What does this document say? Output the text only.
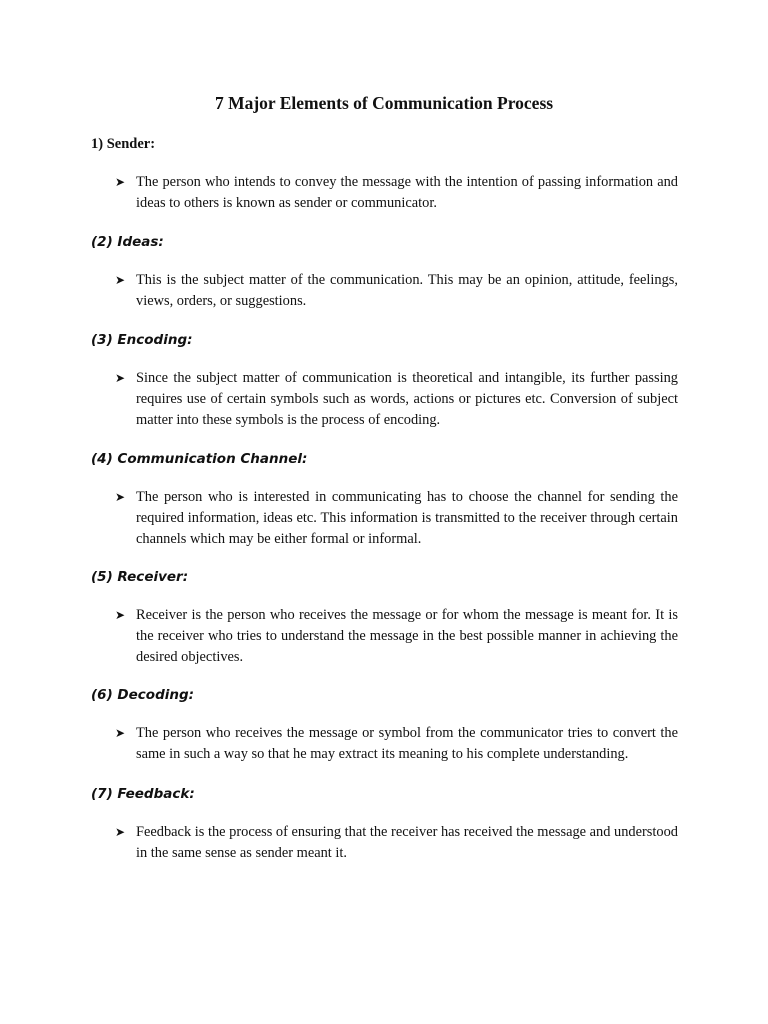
7 Major Elements of Communication Process
1) Sender:
➤ The person who intends to convey the message with the intention of passing information and ideas to others is known as sender or communicator.

(2) Ideas:
➤ This is the subject matter of the communication. This may be an opinion, attitude, feelings, views, orders, or suggestions.

(3) Encoding:
➤ Since the subject matter of communication is theoretical and intangible, its further passing requires use of certain symbols such as words, actions or pictures etc. Conversion of subject matter into these symbols is the process of encoding.

(4) Communication Channel:
➤ The person who is interested in communicating has to choose the channel for sending the required information, ideas etc. This information is transmitted to the receiver through certain channels which may be either formal or informal.

(5) Receiver:
➤ Receiver is the person who receives the message or for whom the message is meant for. It is the receiver who tries to understand the message in the best possible manner in achieving the desired objectives.

(6) Decoding:
➤ The person who receives the message or symbol from the communicator tries to convert the same in such a way so that he may extract its meaning to his complete understanding.

(7) Feedback:
➤ Feedback is the process of ensuring that the receiver has received the message and understood in the same sense as sender meant it.
